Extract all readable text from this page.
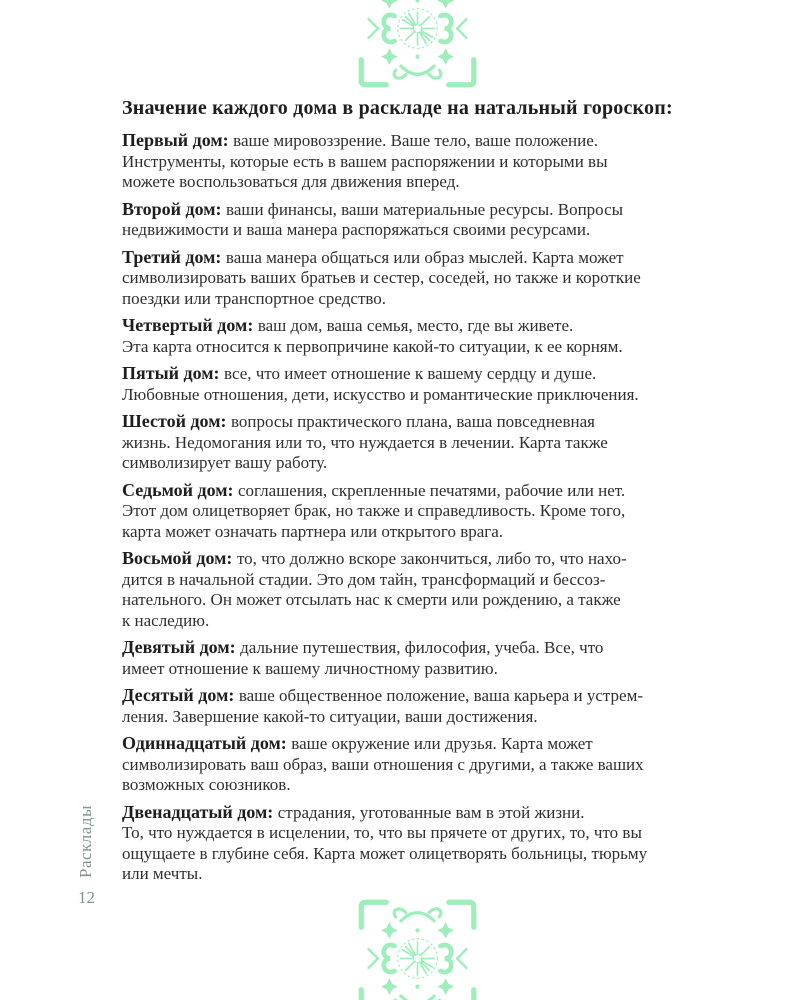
Расклады
12
Значение каждого дома в раскладе на натальный гороскоп:

Первый дом: ваше мировоззрение. Ваше тело, ваше положение.
Инструменты, которые есть в вашем распоряжении и которыми вы
можете воспользоваться для движения вперед.

Второй дом: ваши финансы, ваши материальные ресурсы. Вопросы
недвижимости и ваша манера распоряжаться своими ресурсами.

Третий дом: ваша манера общаться или образ мыслей. Карта может
символизировать ваших братьев и сестер, соседей, но также и короткие
поездки или транспортное средство.

Четвертый дом: ваш дом, ваша семья, место, где вы живете.
Эта карта относится к первопричине какой-то ситуации, к ее корням.

Пятый дом: все, что имеет отношение к вашему сердцу и душе.
Любовные отношения, дети, искусство и романтические приключения.

Шестой дом: вопросы практического плана, ваша повседневная
жизнь. Недомогания или то, что нуждается в лечении. Карта также
символизирует вашу работу.

Седьмой дом: соглашения, скрепленные печатями, рабочие или нет.
Этот дом олицетворяет брак, но также и справедливость. Кроме того,
карта может означать партнера или открытого врага.

Восьмой дом: то, что должно вскоре закончиться, либо то, что нахо-
дится в начальной стадии. Это дом тайн, трансформаций и бессоз-
нательного. Он может отсылать нас к смерти или рождению, а также
к наследию.

Девятый дом: дальние путешествия, философия, учеба. Все, что
имеет отношение к вашему личностному развитию.

Десятый дом: ваше общественное положение, ваша карьера и устрем-
ления. Завершение какой-то ситуации, ваши достижения.

Одиннадцатый дом: ваше окружение или друзья. Карта может
символизировать ваш образ, ваши отношения с другими, а также ваших
возможных союзников.

Двенадцатый дом: страдания, уготованные вам в этой жизни.
То, что нуждается в исцелении, то, что вы прячете от других, то, что вы
ощущаете в глубине себя. Карта может олицетворять больницы, тюрьму
или мечты.
